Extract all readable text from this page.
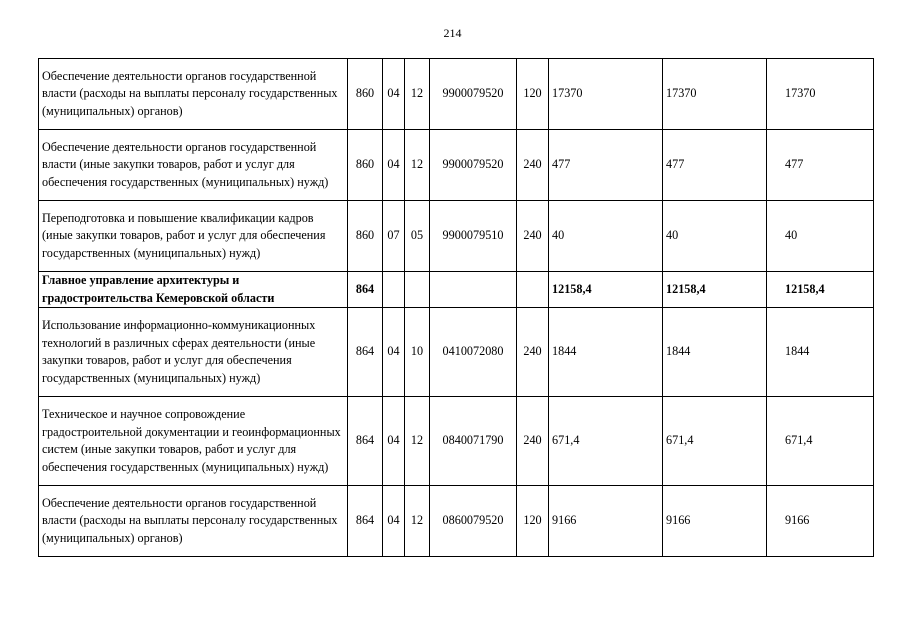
214
Обеспечение деятельности органов государственной власти (расходы на выплаты персоналу государственных (муниципальных) органов)	860	04	12	9900079520	120	17370	17370	17370
Обеспечение деятельности органов государственной власти (иные закупки товаров, работ и услуг для обеспечения государственных (муниципальных) нужд)	860	04	12	9900079520	240	477	477	477
Переподготовка и повышение квалификации кадров (иные закупки товаров, работ и услуг для обеспечения государственных (муниципальных) нужд)	860	07	05	9900079510	240	40	40	40
Главное управление архитектуры и градостроительства Кемеровской области	864					12158,4	12158,4	12158,4
Использование информационно-коммуникационных технологий в различных сферах деятельности (иные закупки товаров, работ и услуг для обеспечения государственных (муниципальных) нужд)	864	04	10	0410072080	240	1844	1844	1844
Техническое и научное сопровождение градостроительной документации и геоинформационных систем (иные закупки товаров, работ и услуг для обеспечения государственных (муниципальных) нужд)	864	04	12	0840071790	240	671,4	671,4	671,4
Обеспечение деятельности органов государственной власти (расходы на выплаты персоналу государственных (муниципальных) органов)	864	04	12	0860079520	120	9166	9166	9166
